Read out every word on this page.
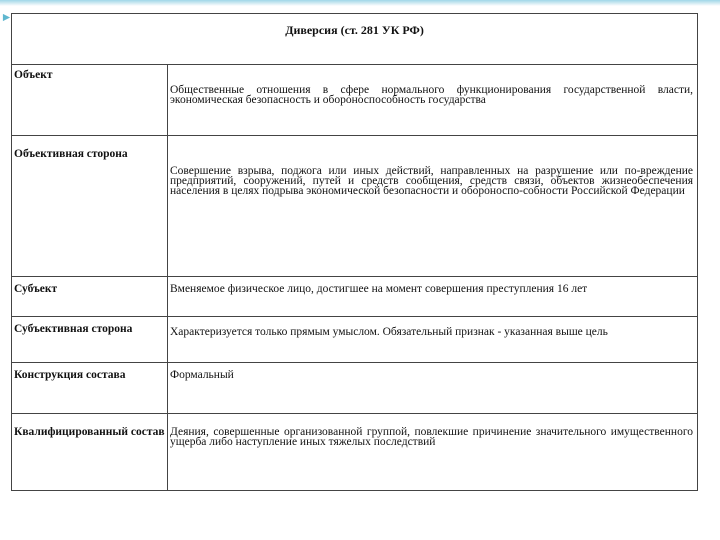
Диверсия (ст. 281 УК РФ)	

Объект	Общественные отношения в сфере нормального функционирования государственной власти, экономическая безопасность и обороноспособность государства

Объективная сторона	Совершение взрыва, поджога или иных действий, направленных на разрушение или по-вреждение предприятий, сооружений, путей и средств сообщения, средств связи, объектов жизнеобеспечения населения в целях подрыва экономической безопасности и обороноспо-собности Российской Федерации

Субъект	Вменяемое физическое лицо, достигшее на момент совершения преступления 16 лет

Субъективная сторона	Характеризуется только прямым умыслом. Обязательный признак - указанная выше цель

Конструкция состава	Формальный

Квалифицированный состав	Деяния, совершенные организованной группой, повлекшие причинение значительного имущественного ущерба либо наступление иных тяжелых последствий
